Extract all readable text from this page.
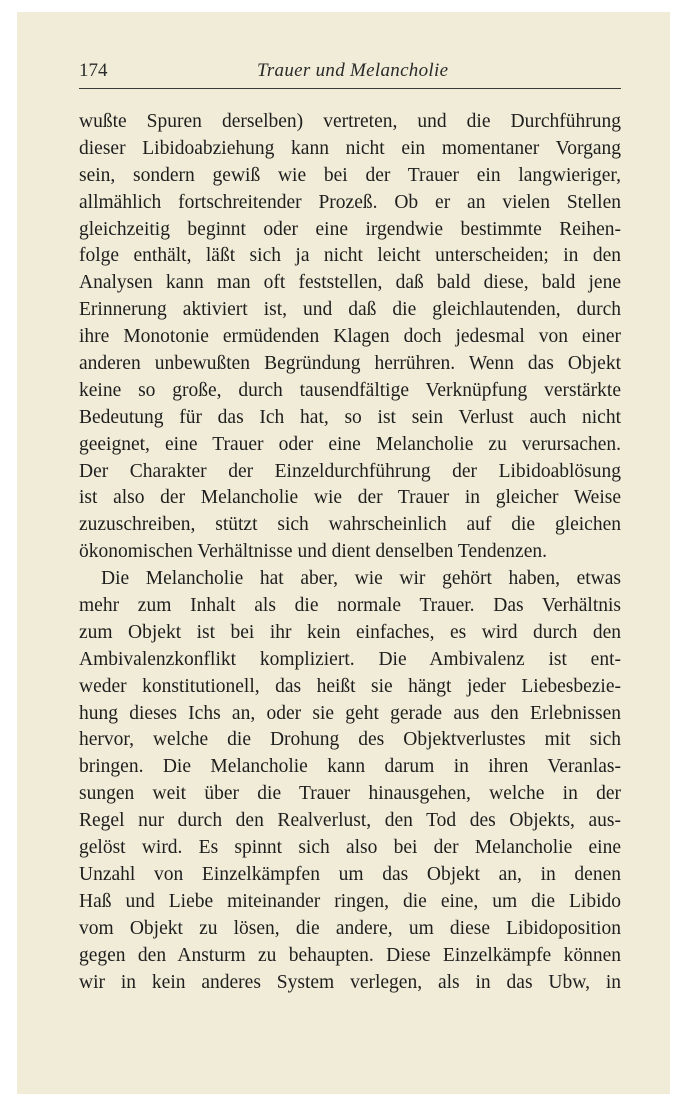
174	Trauer und Melancholie
wußte Spuren derselben) vertreten, und die Durchführung
dieser Libidoabziehung kann nicht ein momentaner Vorgang
sein, sondern gewiß wie bei der Trauer ein langwieriger,
allmählich fortschreitender Prozeß. Ob er an vielen Stellen
gleichzeitig beginnt oder eine irgendwie bestimmte Reihen-
folge enthält, läßt sich ja nicht leicht unterscheiden; in den
Analysen kann man oft feststellen, daß bald diese, bald jene
Erinnerung aktiviert ist, und daß die gleichlautenden, durch
ihre Monotonie ermüdenden Klagen doch jedesmal von einer
anderen unbewußten Begründung herrühren. Wenn das Objekt
keine so große, durch tausendfältige Verknüpfung verstärkte
Bedeutung für das Ich hat, so ist sein Verlust auch nicht
geeignet, eine Trauer oder eine Melancholie zu verursachen.
Der Charakter der Einzeldurchführung der Libidoablösung
ist also der Melancholie wie der Trauer in gleicher Weise
zuzuschreiben, stützt sich wahrscheinlich auf die gleichen
ökonomischen Verhältnisse und dient denselben Tendenzen.
Die Melancholie hat aber, wie wir gehört haben, etwas
mehr zum Inhalt als die normale Trauer. Das Verhältnis
zum Objekt ist bei ihr kein einfaches, es wird durch den
Ambivalenzkonflikt kompliziert. Die Ambivalenz ist ent-
weder konstitutionell, das heißt sie hängt jeder Liebesbezie-
hung dieses Ichs an, oder sie geht gerade aus den Erlebnissen
hervor, welche die Drohung des Objektverlustes mit sich
bringen. Die Melancholie kann darum in ihren Veranlas-
sungen weit über die Trauer hinausgehen, welche in der
Regel nur durch den Realverlust, den Tod des Objekts, aus-
gelöst wird. Es spinnt sich also bei der Melancholie eine
Unzahl von Einzelkämpfen um das Objekt an, in denen
Haß und Liebe miteinander ringen, die eine, um die Libido
vom Objekt zu lösen, die andere, um diese Libidoposition
gegen den Ansturm zu behaupten. Diese Einzelkämpfe können
wir in kein anderes System verlegen, als in das Ubw, in
